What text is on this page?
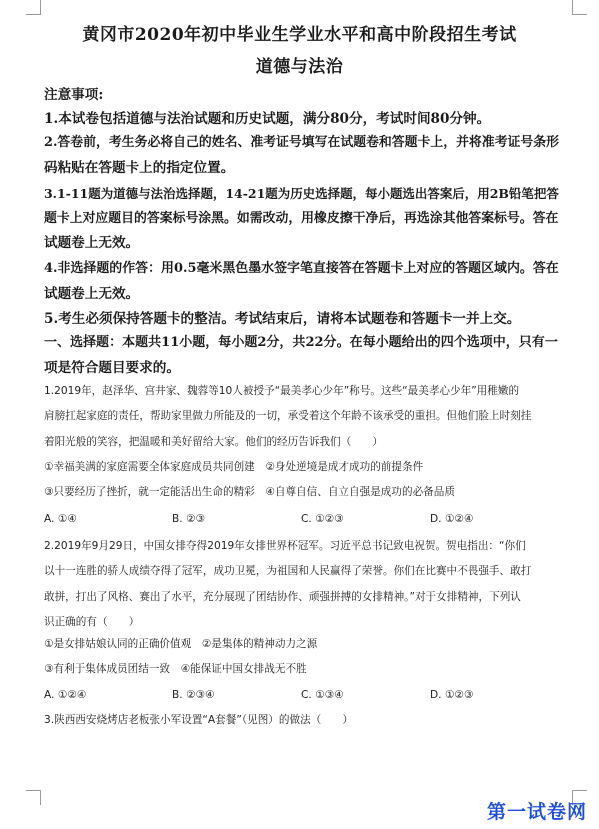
黄冈市2020年初中毕业生学业水平和高中阶段招生考试
道德与法治
注意事项:
1.本试卷包括道德与法治试题和历史试题，满分80分，考试时间80分钟。
2.答卷前，考生务必将自己的姓名、准考证号填写在试题卷和答题卡上，并将准考证号条形
码粘贴在答题卡上的指定位置。
3.1-11题为道德与法治选择题，14-21题为历史选择题，每小题选出答案后，用2B铅笔把答
题卡上对应题目的答案标号涂黑。如需改动，用橡皮擦干净后，再选涂其他答案标号。答在
试题卷上无效。
4.非选择题的作答：用0.5毫米黑色墨水签字笔直接答在答题卡上对应的答题区域内。答在
试题卷上无效。
5.考生必须保持答题卡的整洁。考试结束后，请将本试题卷和答题卡一并上交。
一、选择题：本题共11小题，每小题2分，共22分。在每小题给出的四个选项中，只有一
项是符合题目要求的。
1.2019年，赵泽华、宫井家、魏蓉等10人被授予“最美孝心少年”称号。这些“最美孝心少年”用稚嫩的
肩膀扛起家庭的责任，帮助家里做力所能及的一切，承受着这个年龄不该承受的重担。但他们脸上时刻挂
着阳光般的笑容，把温暖和美好留给大家。他们的经历告诉我们（　　）
①幸福美满的家庭需要全体家庭成员共同创建　②身处逆境是成才成功的前提条件
③只要经历了挫折，就一定能活出生命的精彩　④自尊自信、自立自强是成功的必备品质
A. ①④	B. ②③	C. ①②③	D. ①②④
2.2019年9月29日，中国女排夺得2019年女排世界杯冠军。习近平总书记致电祝贺。贺电指出：“你们
以十一连胜的骄人成绩夺得了冠军，成功卫冕，为祖国和人民赢得了荣誉。你们在比赛中不畏强手、敢打
敢拼，打出了风格、赛出了水平，充分展现了团结协作、顽强拼搏的女排精神。”对于女排精神，下列认
识正确的有（　　）
①是女排姑娘认同的正确价值观　②是集体的精神动力之源
③有利于集体成员团结一致　④能保证中国女排战无不胜
A. ①②④	B. ②③④	C. ①③④	D. ①②③
3.陕西西安烧烤店老板张小军设置“A套餐”（见图）的做法（　　）
第一试卷网
